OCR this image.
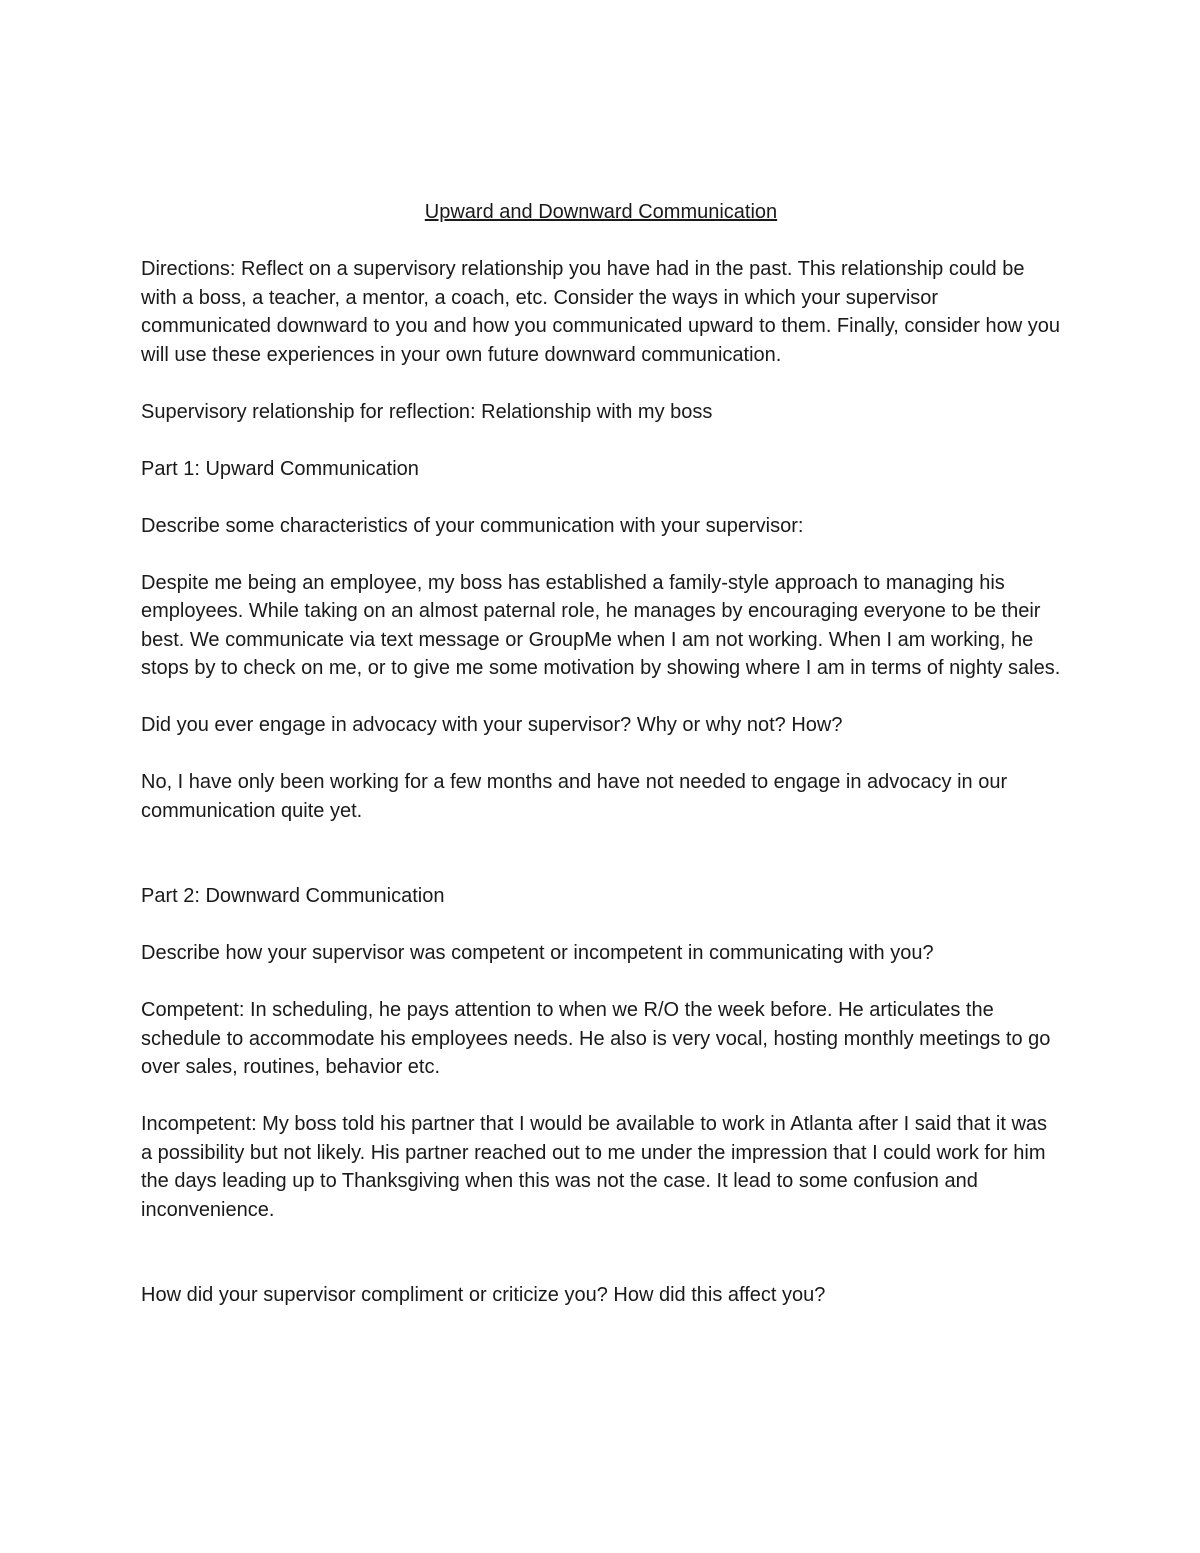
Upward and Downward Communication

Directions: Reflect on a supervisory relationship you have had in the past. This relationship could be with a boss, a teacher, a mentor, a coach, etc. Consider the ways in which your supervisor communicated downward to you and how you communicated upward to them. Finally, consider how you will use these experiences in your own future downward communication.

Supervisory relationship for reflection: Relationship with my boss

Part 1: Upward Communication

Describe some characteristics of your communication with your supervisor:

Despite me being an employee, my boss has established a family-style approach to managing his employees. While taking on an almost paternal role, he manages by encouraging everyone to be their best. We communicate via text message or GroupMe when I am not working. When I am working, he stops by to check on me, or to give me some motivation by showing where I am in terms of nighty sales.

Did you ever engage in advocacy with your supervisor? Why or why not? How?

No, I have only been working for a few months and have not needed to engage in advocacy in our communication quite yet.

Part 2: Downward Communication

Describe how your supervisor was competent or incompetent in communicating with you?

Competent: In scheduling, he pays attention to when we R/O the week before. He articulates the schedule to accommodate his employees needs. He also is very vocal, hosting monthly meetings to go over sales, routines, behavior etc.

Incompetent: My boss told his partner that I would be available to work in Atlanta after I said that it was a possibility but not likely. His partner reached out to me under the impression that I could work for him the days leading up to Thanksgiving when this was not the case. It lead to some confusion and inconvenience.

How did your supervisor compliment or criticize you? How did this affect you?
